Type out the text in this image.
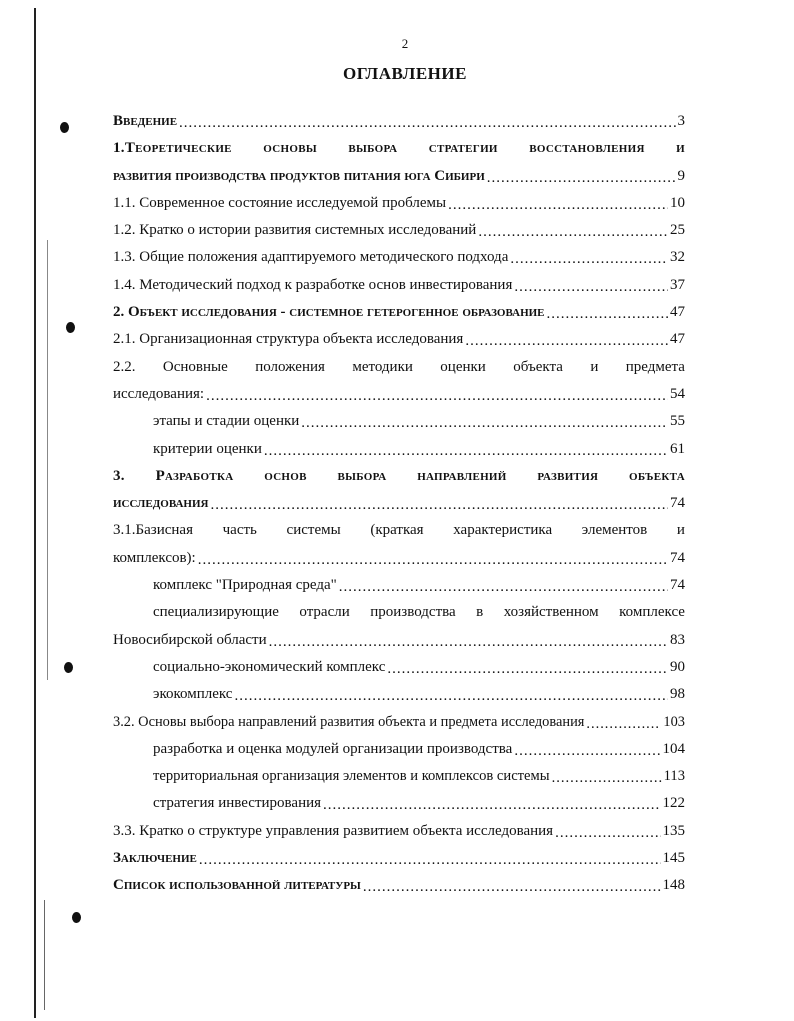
2
ОГЛАВЛЕНИЕ
Введение .....	3
1.Теоретические основы выбора стратегии восстановления и
развития производства продуктов питания юга Сибири .....	9
1.1. Современное состояние исследуемой проблемы .....	10
1.2. Кратко о истории развития системных исследований .....	25
1.3. Общие положения адаптируемого методического подхода .....	32
1.4. Методический подход к разработке основ инвестирования .....	37
2. Объект исследования - системное гетерогенное образование .....	47
2.1. Организационная структура объекта исследования .....	47
2.2. Основные положения методики оценки объекта и предмета
исследования: .....	54
этапы и стадии оценки .....	55
критерии оценки .....	61
3. Разработка основ выбора направлений развития объекта
исследования .....	74
3.1.Базисная часть системы (краткая характеристика элементов и
комплексов): .....	74
комплекс "Природная среда" .....	74
специализирующие отрасли производства в хозяйственном комплексе
Новосибирской области .....	83
социально-экономический комплекс .....	90
экокомплекс .....	98
3.2. Основы выбора направлений развития объекта и предмета исследования .....	103
разработка и оценка модулей организации производства .....	104
территориальная организация элементов и комплексов системы .....	113
стратегия инвестирования .....	122
3.3. Кратко о структуре управления развитием объекта исследования .....	135
Заключение .....	145
Список использованной литературы .....	148
